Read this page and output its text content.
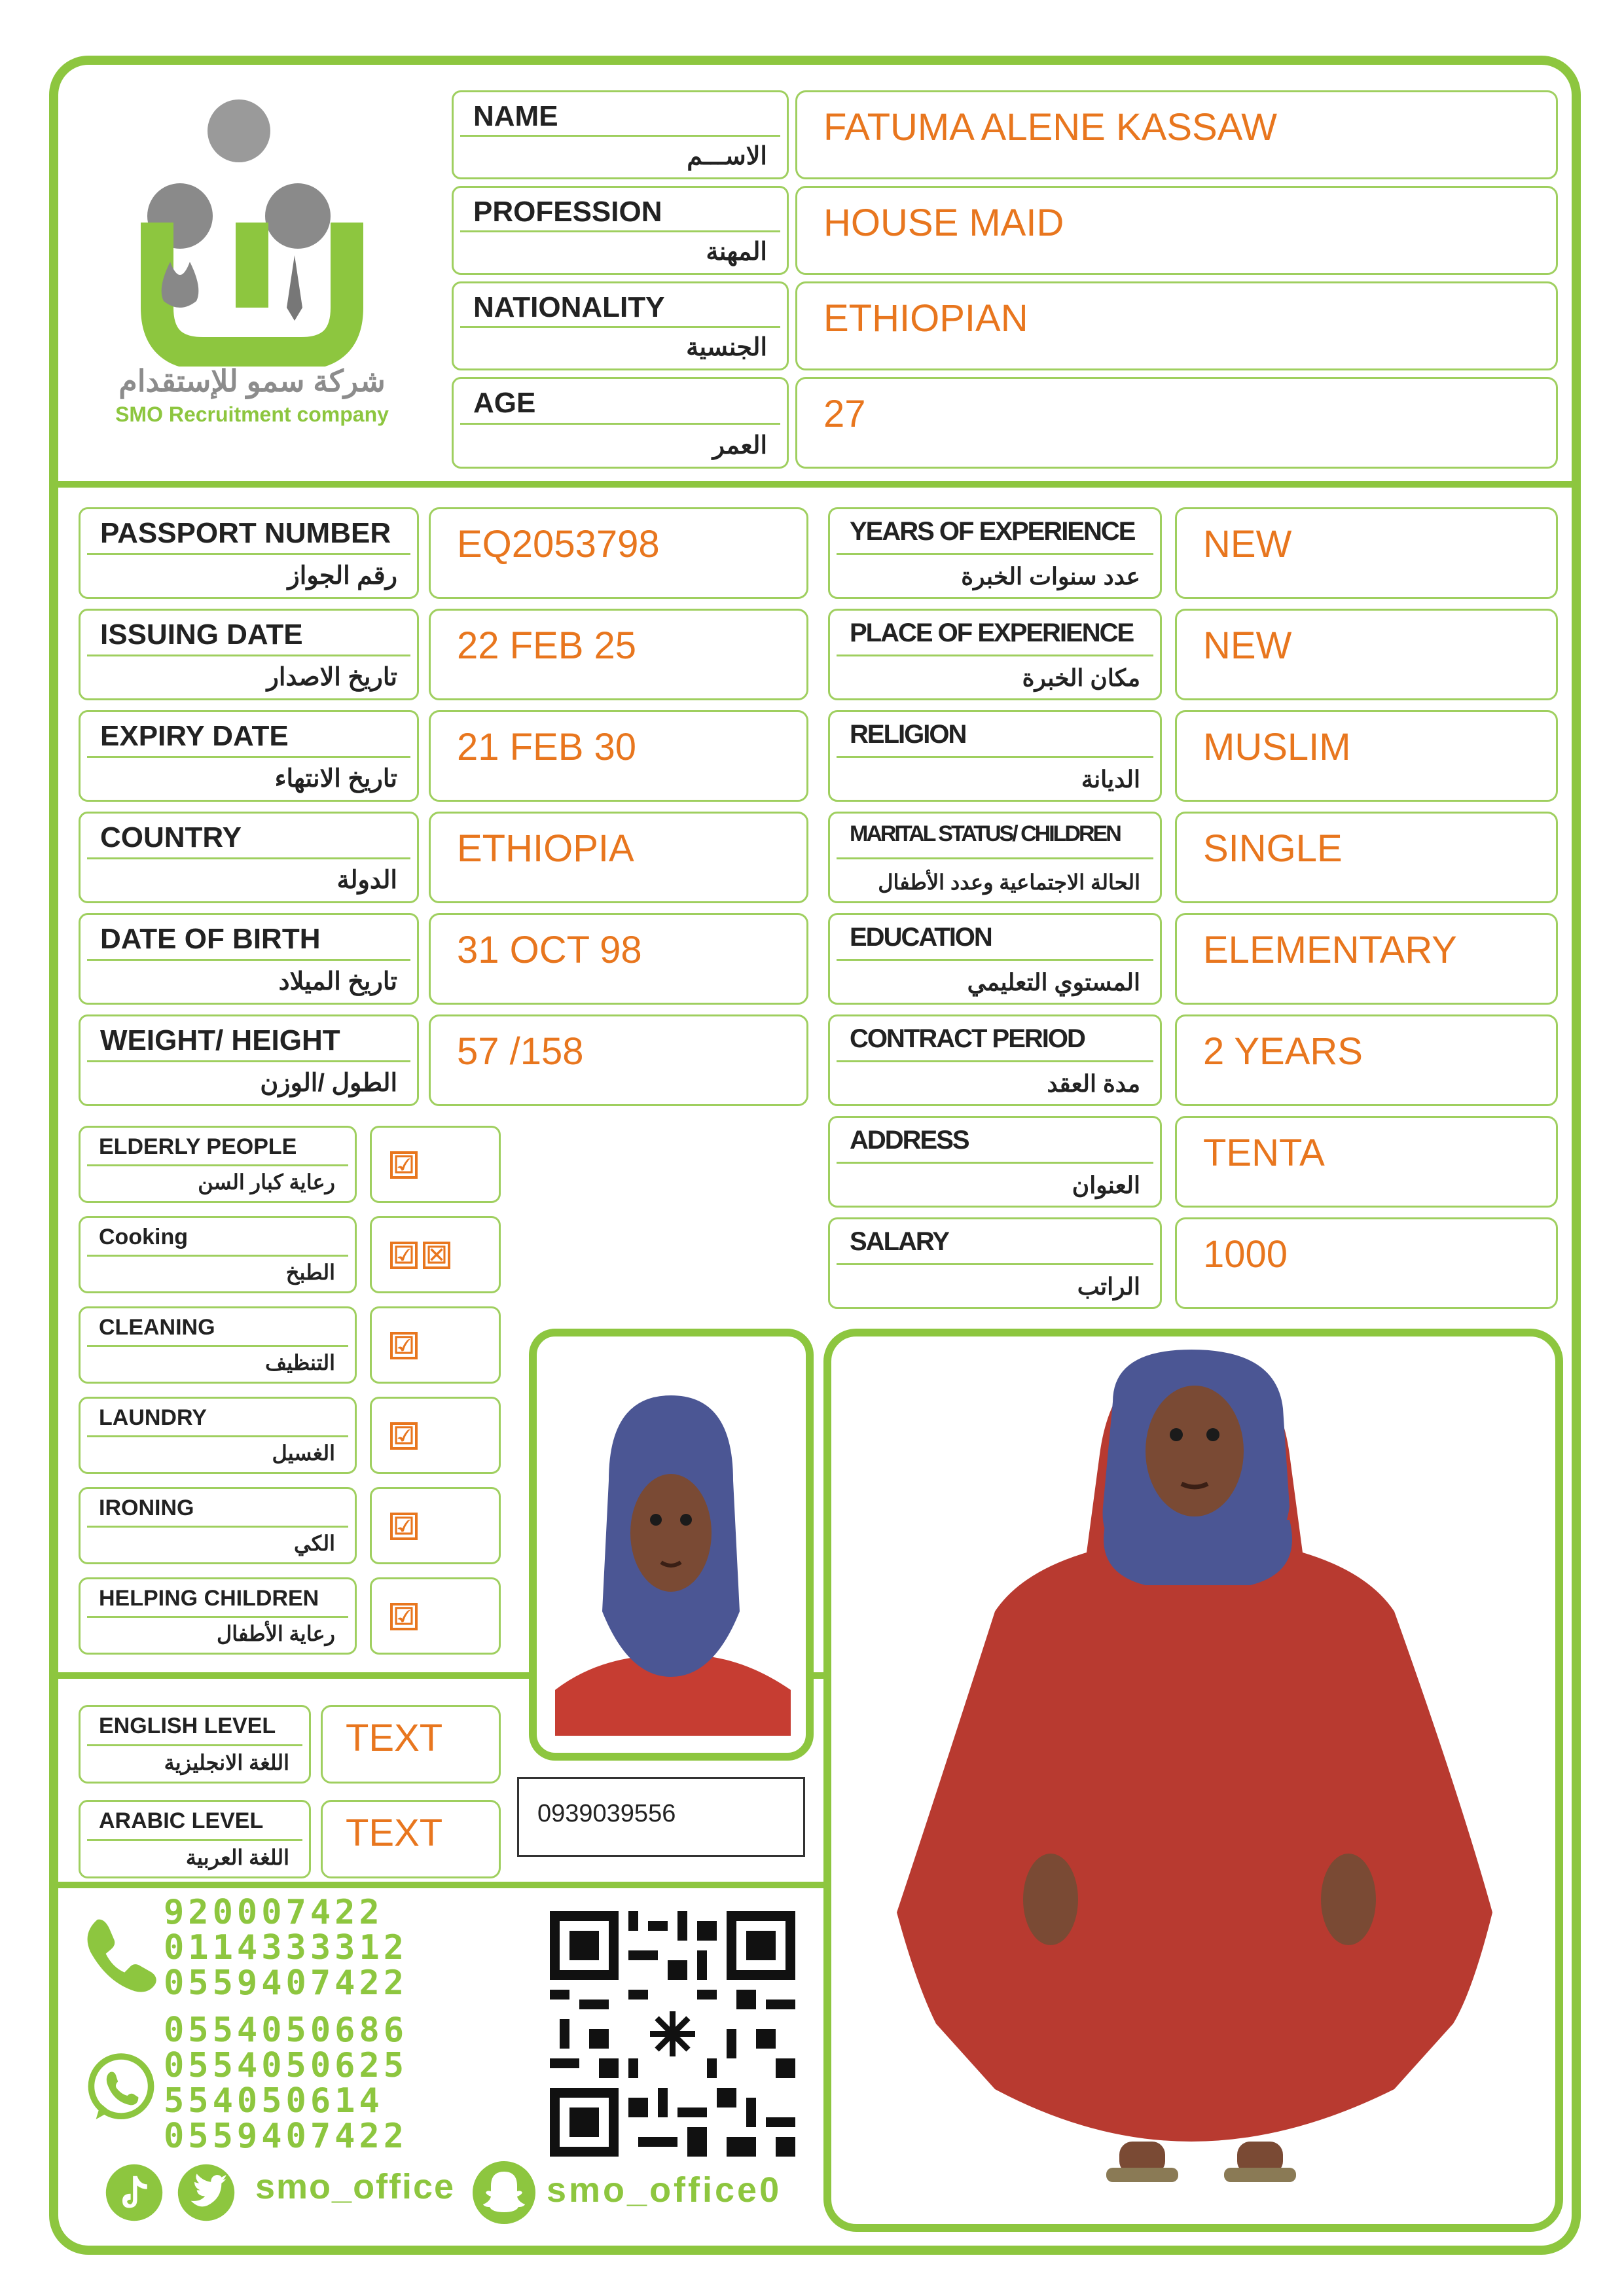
شركة سمو للإستقدام
SMO Recruitment company
NAME
الاســـم
FATUMA ALENE KASSAW
PROFESSION
المهنة
HOUSE MAID
NATIONALITY
الجنسية
ETHIOPIAN
AGE
العمر
27
PASSPORT NUMBER
رقم الجواز
EQ2053798
ISSUING DATE
تاريخ الاصدار
22 FEB 25
EXPIRY DATE
تاريخ الانتهاء
21 FEB 30
COUNTRY
الدولة
ETHIOPIA
DATE OF BIRTH
تاريخ الميلاد
31 OCT 98
WEIGHT/ HEIGHT
الطول /الوزن
57 /158
YEARS OF EXPERIENCE
عدد سنوات الخبرة
NEW
PLACE OF EXPERIENCE
مكان الخبرة
NEW
RELIGION
الديانة
MUSLIM
MARITAL STATUS/ CHILDREN
الحالة الاجتماعية وعدد الأطفال
SINGLE
EDUCATION
المستوي التعليمي
ELEMENTARY
CONTRACT PERIOD
مدة العقد
2 YEARS
ADDRESS
العنوان
TENTA
SALARY
الراتب
1000
ELDERLY PEOPLE
رعاية كبار السن
☑
Cooking
الطبخ
☑ ☒
CLEANING
التنظيف
☑
LAUNDRY
الغسيل
☑
IRONING
الكي
☑
HELPING CHILDREN
رعاية الأطفال
☑
ENGLISH LEVEL
اللغة الانجليزية
TEXT
ARABIC LEVEL
اللغة العربية
TEXT	0939039556
920007422
0114333312
0559407422
0554050686
0554050625
554050614
0559407422
smo_office	smo_office0
